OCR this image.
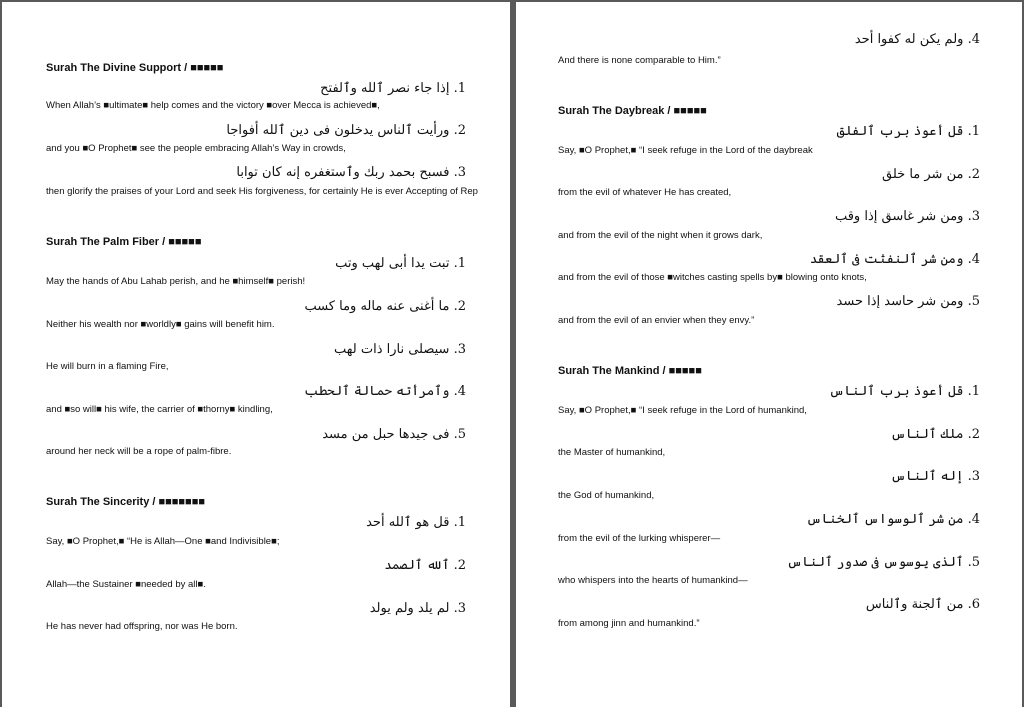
Surah The Divine Support / ■■■■■
1. إذا جاء نصر ٱلله وٱلفتح
When Allah’s ■ultimate■ help comes and the victory ■over Mecca is achieved■,
2. ورأيت ٱلناس يدخلون فى دين ٱلله أفواجا
and you ■O Prophet■ see the people embracing Allah’s Way in crowds,
3. فسبح بحمد ربك وٱستغفره إنه كان توابا
then glorify the praises of your Lord and seek His forgiveness, for certainly He is ever Accepting of Rep
Surah The Palm Fiber / ■■■■■
1. تبت يدا أبى لهب وتب
May the hands of Abu Lahab perish, and he ■himself■ perish!
2. ما أغنى عنه ماله وما كسب
Neither his wealth nor ■worldly■ gains will benefit him.
3. سيصلى نارا ذات لهب
He will burn in a flaming Fire,
4. وٱمرأته حمالة ٱلحطب
and ■so will■ his wife, the carrier of ■thorny■ kindling,
5. فى جيدها حبل من مسد
around her neck will be a rope of palm-fibre.
Surah The Sincerity / ■■■■■■■
1. قل هو ٱلله أحد
Say, ■O Prophet,■ “He is Allah—One ■and Indivisible■;
2. ٱلله ٱلصمد
Allah—the Sustainer ■needed by all■.
3. لم يلد ولم يولد
He has never had offspring, nor was He born.
4. ولم يكن له كفوا أحد
And there is none comparable to Him.”
Surah The Daybreak / ■■■■■
1. قل أعوذ برب ٱلفلق
Say, ■O Prophet,■ “I seek refuge in the Lord of the daybreak
2. من شر ما خلق
from the evil of whatever He has created,
3. ومن شر غاسق إذا وقب
and from the evil of the night when it grows dark,
4. ومن شر ٱلنفثت فى ٱلعقد
and from the evil of those ■witches casting spells by■ blowing onto knots,
5. ومن شر حاسد إذا حسد
and from the evil of an envier when they envy.”
Surah The Mankind / ■■■■■
1. قل أعوذ برب ٱلناس
Say, ■O Prophet,■ “I seek refuge in the Lord of humankind,
2. ملك ٱلناس
the Master of humankind,
3. إله ٱلناس
the God of humankind,
4. من شر ٱلوسواس ٱلخناس
from the evil of the lurking whisperer—
5. ٱلذى يوسوس فى صدور ٱلناس
who whispers into the hearts of humankind—
6. من ٱلجنة وٱلناس
from among jinn and humankind.”
